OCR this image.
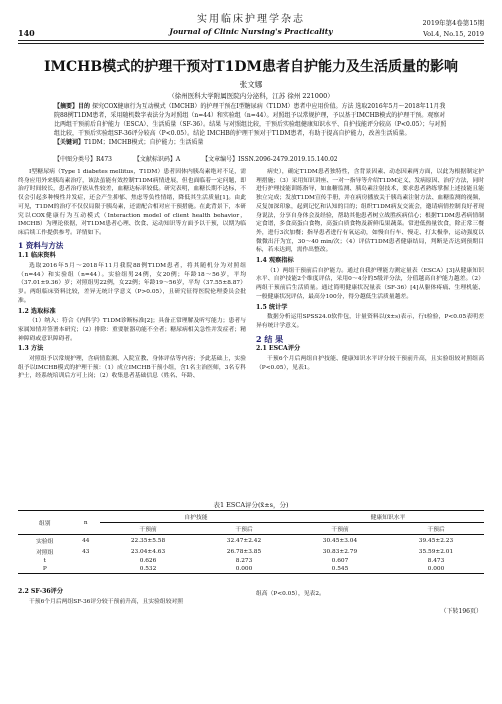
实用临床护理学杂志
Journal of Clinic Nursing's Practicality
140
2019年第4卷第15期
Vol.4, No.15, 2019
IMCHB模式的护理干预对T1DM患者自护能力及生活质量的影响
张文娜
（徐州医科大学附属医院内分泌科，江苏 徐州 221000）

【摘要】目的 探究COX健康行为互动模式（IMCHB）的护理干预在I型糖尿病（T1DM）患者中应用价值。方法 选取2016年5月～2018年11月我院88例T1DM患者，采用随机数字表法分为对照组（n=44）和实验组（n=44）。对照组予以常规护理，予以基于IMCHB模式的护理干预。观察对比两组干预前后自护能力（ESCA）、生活质量（SF-36）。结果 与对照组比较，干预后实验组健康知识水平、自护技能评分较高（P<0.05）；与对照组比较，干预后实验组SF-36评分较高（P<0.05）。结论 IMCHB的护理干预对于T1DM患者，有助于提高自护能力，改善生活质量。

【关键词】T1DM；IMCHB模式；自护能力；生活质量

【中图分类号】R473	【文献标识码】A	【文章编号】ISSN.2096-2479.2019.15.140.02

I型糖尿病（Type 1 diabetes mellitus，T1DM）患者因体内胰岛素绝对不足，需终身应用外来胰岛素治疗，该法虽能有效控制T1DM病情进展，但也面临着一定问题，即治疗时间较长，患者治疗依从性较差，血糖达标率较低。研究表明，血糖长期不达标，不仅会引起多种慢性并发症，还会产生抑郁、焦虑等负性情绪，降低其生活质量[1]。由此可见，T1DM的治疗不仅仅局限于胰岛素，还需配合相对应干预措施。在此背景下，本研究以COX健康行为互动模式（Interaction model of client health behavior，IMCHB）为理论依据，对T1DM患者心理、饮食、运动知识等方面予以干预，以期为临床后续工作提供参考。详情如下。

1 资料与方法
1.1 临床资料

选取2016年5月～2018年11月我院88例T1DM患者，将其随机分为对照组（n=44）和实验组（n=44）。实验组男24例，女20例；年龄18～56岁，平均（37.01±9.36）岁；对照组男22例，女22例；年龄19～56岁，平均（37.55±8.87）岁。两组临床资料比较，差异无统计学意义（P>0.05），且研究征得医院伦理委员会批准。

1.2 选取标准

（1）纳入：符合《内科学》T1DM诊断标准[2]；具备正常理解及听写能力；患者与家属知情并签署本研究；（2）排除：重要脏器功能不全者；糖尿病相关急性并发症者；精神障碍或意识障碍者。

1.3 方法

对照组予以常规护理，含病情监测、入院宣教、身体评估等内容；予此基础上，实验组予以IMCHB模式的护理干预：（1）成立IMCHB干预小组，含1名主治医师，3名专科护士，经系统培训后方可上岗；（2）收集患者基础信息（姓名、年龄、

病史），确定T1DM患者独特性，含背景因素、动态因素两方面，以此为根据制定护理措施；（3）采用知识讲座、一对一指导等介绍T1DM定义、发病原因、治疗方法，同时进行护理技能训练指导，如血糖监测、胰岛素注射技术，要求患者熟练掌握上述技能且能独立完成；发放T1DM宣传手册，并在病房播放关于胰岛素注射方法、血糖监测的视频，反复加深印象，起到记忆和认知的目的；组织T1DM病友交流会，邀请病情控制良好者现身说法，分享自身体会及经验，帮助其他患者树立战胜疾病信心；根据T1DM患者病情制定食谱，多食高蛋白食物，高蛋白质食物及新鲜瓜果蔬菜。常进低热量饮食，除正常三餐外，进行3次加餐；指导患者进行有氧运动，如慢自行车、慢走、打太极拳，运动强度以微微出汗为宜，30～40 min/次；（4）评估T1DM患者健康结局，判断是否达到预期目标，若未达到，需作出整改。

1.4 观察指标

（1）两组干预前后自护能力。通过自我护理能力测定量表（ESCA）[3]从健康知识水平、自护技能2个维度评估，采用0～4分的5级评分法，分值越高自护能力越差。（2）两组干预前后生活质量。通过简明健康状况量表（SF-36）[4]从躯体疼痛、生理机能、一般健康状况评估，最高分100分，得分越低生活质量越差。

1.5 统计学

数据分析运用SPSS24.0软件包，计量资料以(x̄±s)表示，行t检验，P<0.05表明差异有统计学意义。

2 结 果
2.1 ESCA评分

干预6个月后两组自护技能、健康知识水平评分较干预前升高，且实验组较对照组高（P<0.05），见表1。

表1 ESCA评分(x̄±s，分)
组别	n	自护技能		健康知识水平	
		干预前	干预后	干预前	干预后
实验组	44	22.35±5.58	32.47±2.42	30.45±3.04	39.45±2.23
对照组	43	23.04±4.63	26.78±3.85	30.83±2.79	35.59±2.01
t		0.626	8.273	0.607	8.473
P		0.532	0.000	0.545	0.000
2.2 SF-36评分
干预6个月后两组SF-36评分较干预前升高，且实验组较对照
组高（P<0.05），见表2。
（下转196页）
